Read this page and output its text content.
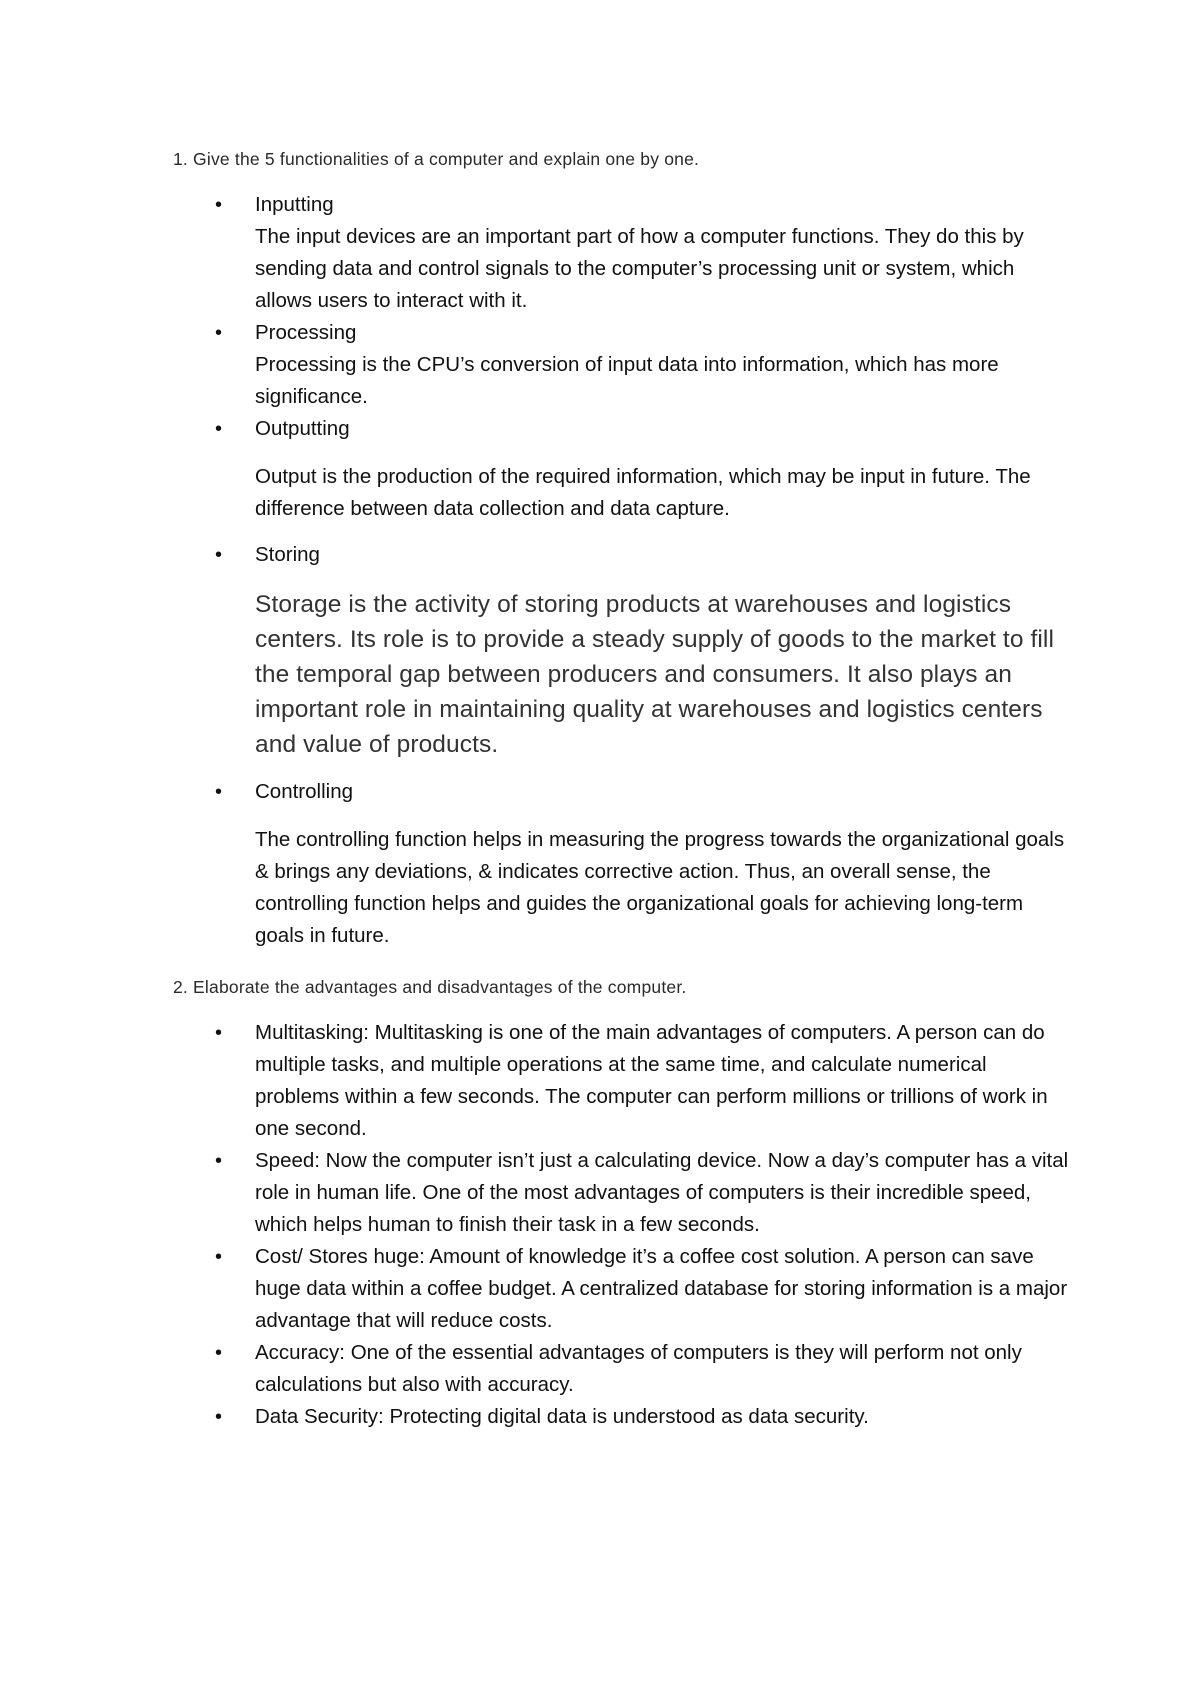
1. Give the 5 functionalities of a computer and explain one by one.

• Inputting
The input devices are an important part of how a computer functions. They do this by sending data and control signals to the computer’s processing unit or system, which allows users to interact with it.
• Processing
Processing is the CPU’s conversion of input data into information, which has more significance.
• Outputting
Output is the production of the required information, which may be input in future. The difference between data collection and data capture.
• Storing
Storage is the activity of storing products at warehouses and logistics centers. Its role is to provide a steady supply of goods to the market to fill the temporal gap between producers and consumers. It also plays an important role in maintaining quality at warehouses and logistics centers and value of products.
• Controlling
The controlling function helps in measuring the progress towards the organizational goals & brings any deviations, & indicates corrective action. Thus, an overall sense, the controlling function helps and guides the organizational goals for achieving long-term goals in future.

2. Elaborate the advantages and disadvantages of the computer.

• Multitasking: Multitasking is one of the main advantages of computers. A person can do multiple tasks, and multiple operations at the same time, and calculate numerical problems within a few seconds. The computer can perform millions or trillions of work in one second.
• Speed: Now the computer isn’t just a calculating device. Now a day’s computer has a vital role in human life. One of the most advantages of computers is their incredible speed, which helps human to finish their task in a few seconds.
• Cost/ Stores huge: Amount of knowledge it’s a coffee cost solution. A person can save huge data within a coffee budget. A centralized database for storing information is a major advantage that will reduce costs.
• Accuracy: One of the essential advantages of computers is they will perform not only calculations but also with accuracy.
• Data Security: Protecting digital data is understood as data security.
